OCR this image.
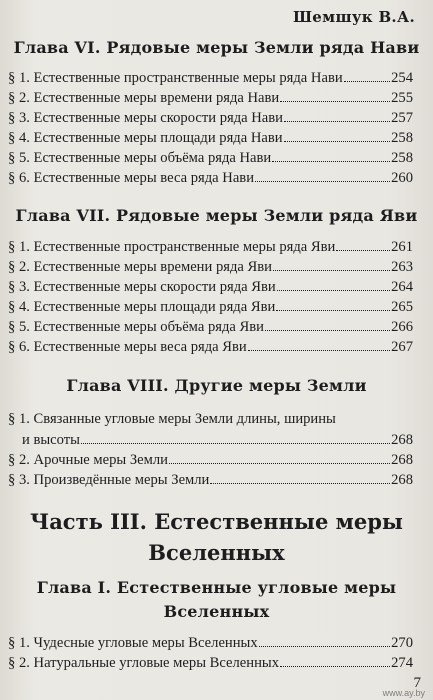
Шемшук В.А.
Глава VI. Рядовые меры Земли ряда Нави
§ 1. Естественные пространственные меры ряда Нави	254
§ 2. Естественные меры времени ряда Нави	255
§ 3. Естественные меры скорости ряда Нави	257
§ 4. Естественные меры площади ряда Нави	258
§ 5. Естественные меры объёма ряда Нави	258
§ 6. Естественные меры веса ряда Нави	260
Глава VII. Рядовые меры Земли ряда Яви
§ 1. Естественные пространственные меры ряда Яви	261
§ 2. Естественные меры времени ряда Яви	263
§ 3. Естественные меры скорости ряда Яви	264
§ 4. Естественные меры площади ряда Яви	265
§ 5. Естественные меры объёма ряда Яви	266
§ 6. Естественные меры веса ряда Яви	267
Глава VIII. Другие меры Земли
§ 1. Связанные угловые меры Земли длины, ширины
и высоты	268
§ 2. Арочные меры Земли	268
§ 3. Произведённые меры Земли	268
Часть III. Естественные меры
Вселенных
Глава I. Естественные угловые меры
Вселенных
§ 1. Чудесные угловые меры Вселенных	270
§ 2. Натуральные угловые меры Вселенных	274
7
www.ay.by
